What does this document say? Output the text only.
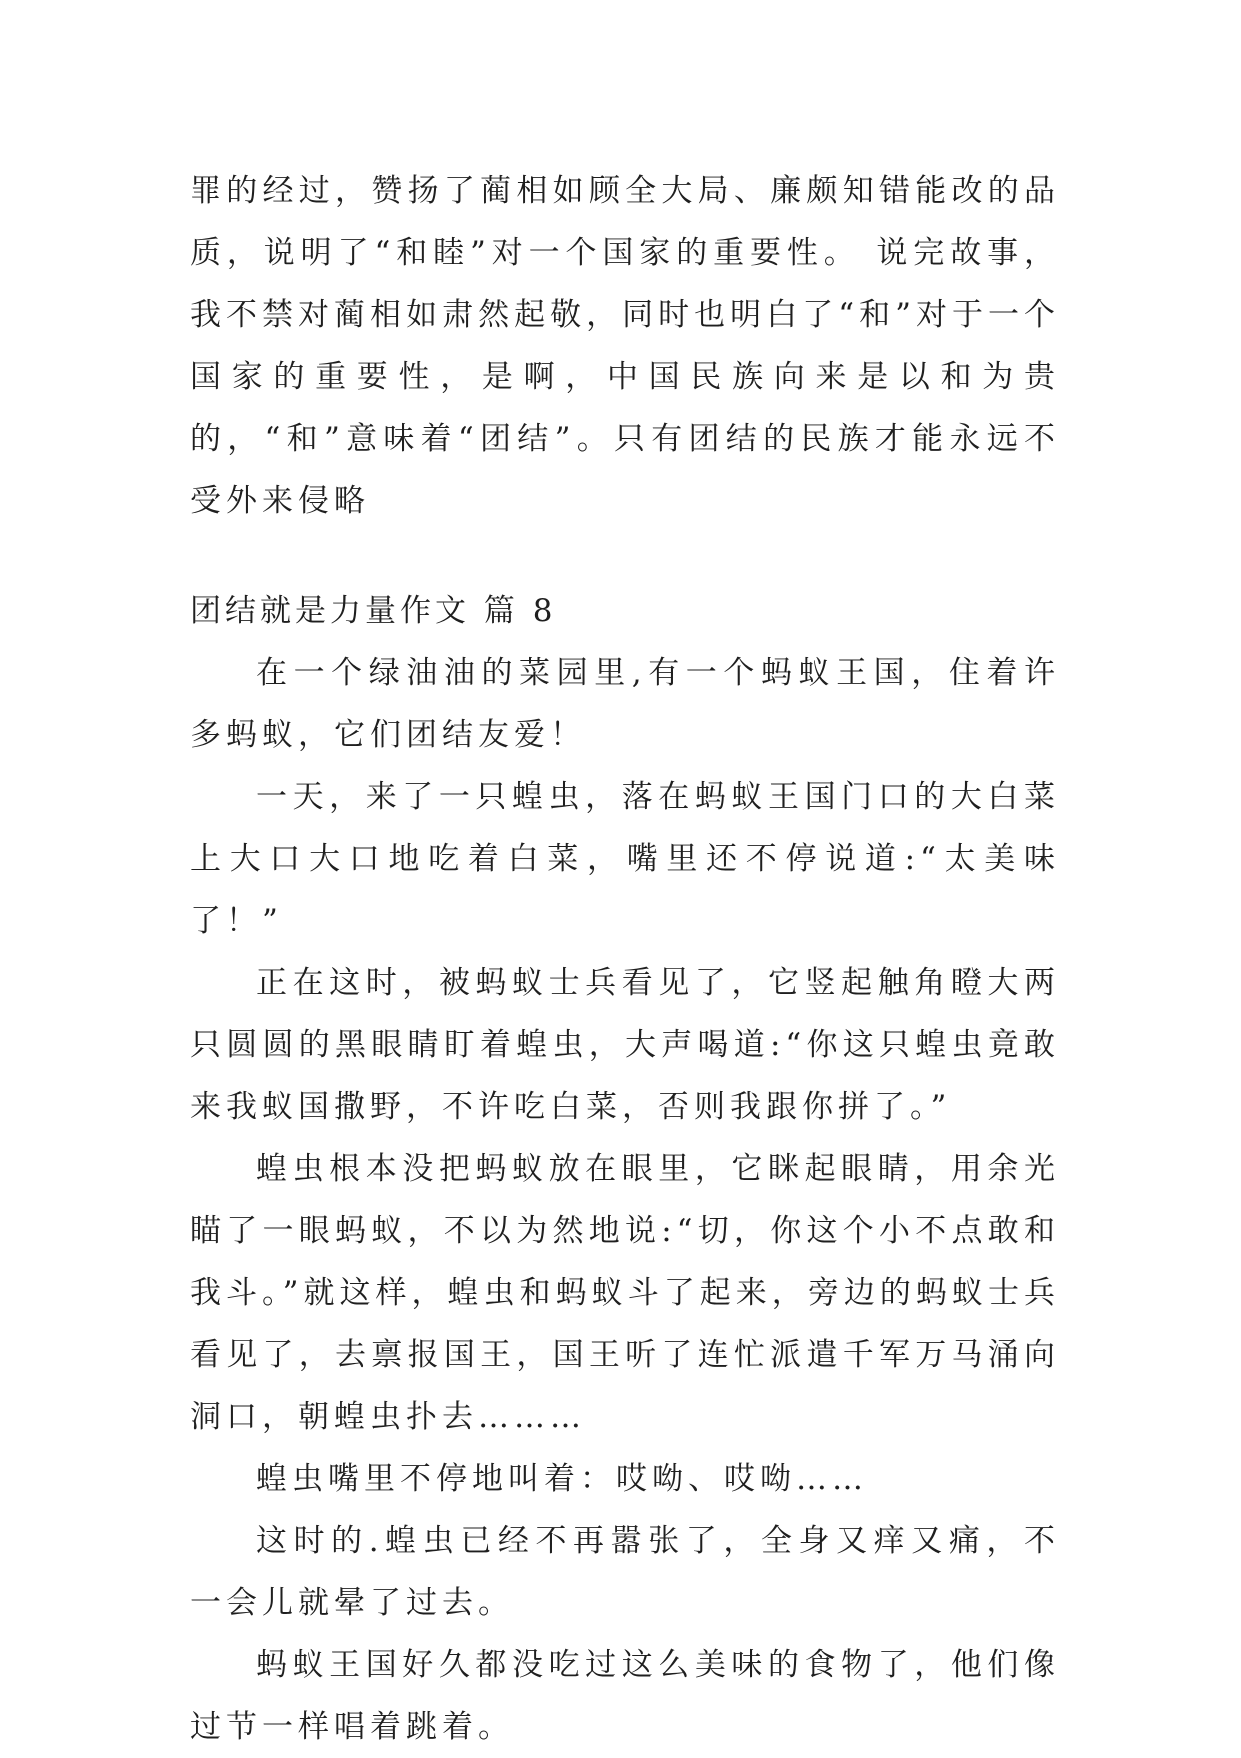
罪的经过，赞扬了蔺相如顾全大局、廉颇知错能改的品质，说明了“和睦”对一个国家的重要性。 说完故事，我不禁对蔺相如肃然起敬，同时也明白了“和”对于一个国家的重要性，是啊，中国民族向来是以和为贵的，“和”意味着“团结”。只有团结的民族才能永远不受外来侵略

团结就是力量作文 篇 8

在一个绿油油的菜园里,有一个蚂蚁王国，住着许多蚂蚁，它们团结友爱！

一天，来了一只蝗虫，落在蚂蚁王国门口的大白菜上大口大口地吃着白菜，嘴里还不停说道:“太美味了！”

正在这时，被蚂蚁士兵看见了，它竖起触角瞪大两只圆圆的黑眼睛盯着蝗虫，大声喝道:“你这只蝗虫竟敢来我蚁国撒野，不许吃白菜，否则我跟你拼了。”

蝗虫根本没把蚂蚁放在眼里，它眯起眼睛，用余光瞄了一眼蚂蚁，不以为然地说:“切，你这个小不点敢和我斗。”就这样，蝗虫和蚂蚁斗了起来，旁边的蚂蚁士兵看见了，去禀报国王，国王听了连忙派遣千军万马涌向洞口，朝蝗虫扑去………

蝗虫嘴里不停地叫着：哎呦、哎呦……

这时的.蝗虫已经不再嚣张了，全身又痒又痛，不一会儿就晕了过去。

蚂蚁王国好久都没吃过这么美味的食物了，他们像过节一样唱着跳着。
